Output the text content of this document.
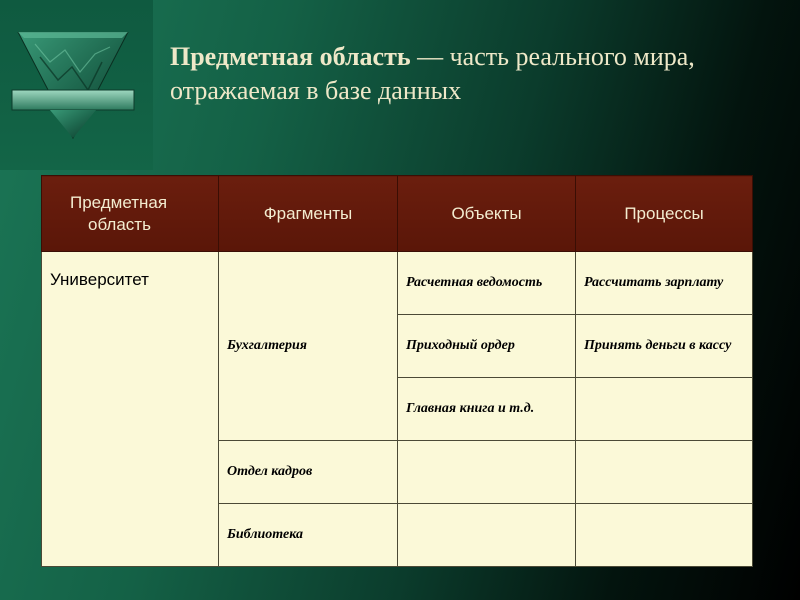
Предметная область — часть реального мира, отражаемая в базе данных
Предметная
область	Фрагменты	Объекты	Процессы
Университет	Бухгалтерия	Расчетная ведомость	Рассчитать зарплату
		Приходный ордер	Принять деньги в кассу
		Главная книга и т.д.	
	Отдел кадров		
	Библиотека		
